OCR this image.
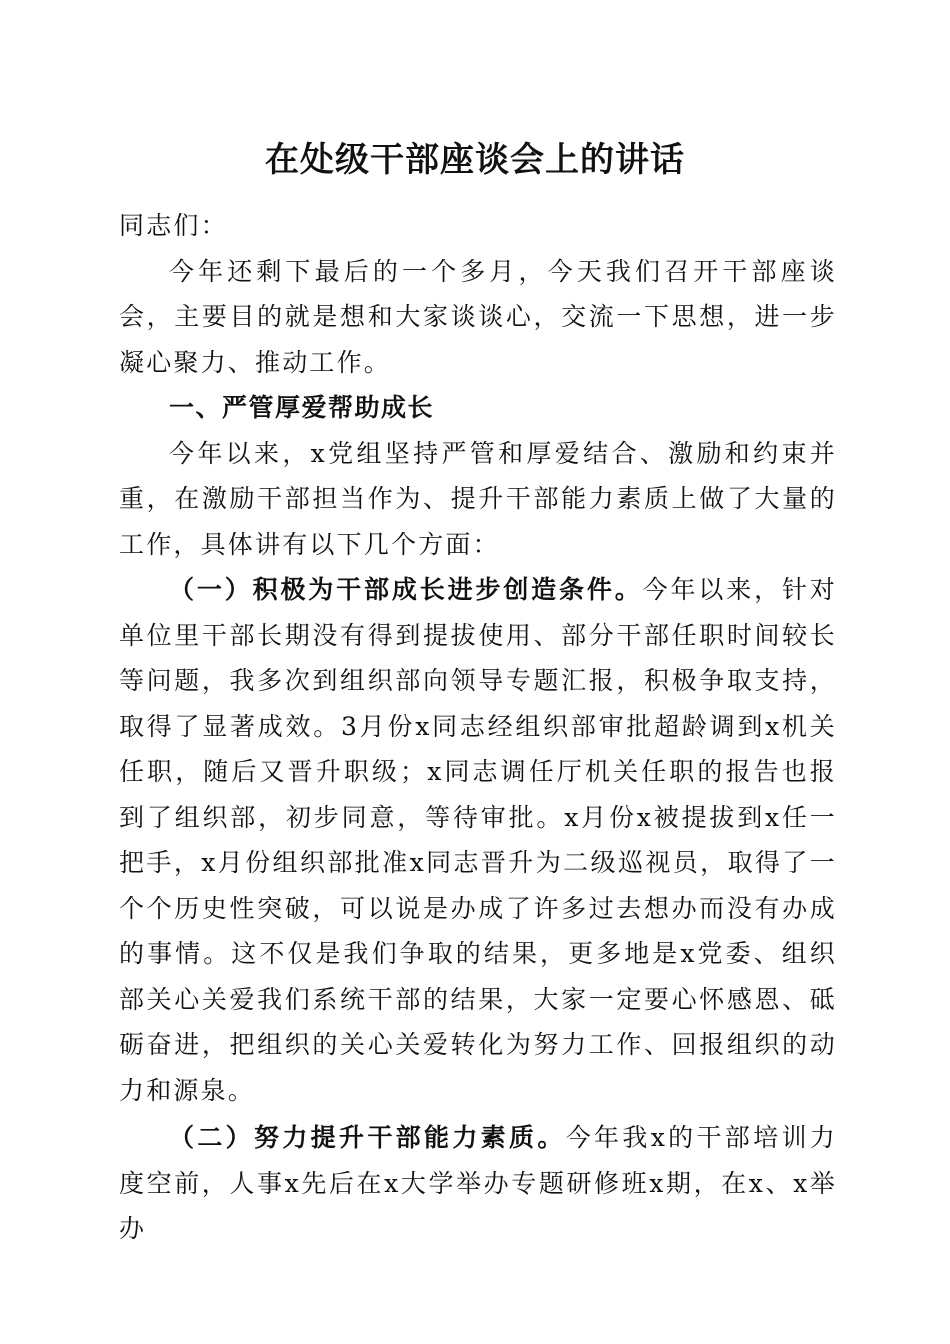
在处级干部座谈会上的讲话

同志们：

今年还剩下最后的一个多月，今天我们召开干部座谈会，主要目的就是想和大家谈谈心，交流一下思想，进一步凝心聚力、推动工作。

一、严管厚爱帮助成长

今年以来，x党组坚持严管和厚爱结合、激励和约束并重，在激励干部担当作为、提升干部能力素质上做了大量的工作，具体讲有以下几个方面：

（一）积极为干部成长进步创造条件。今年以来，针对单位里干部长期没有得到提拔使用、部分干部任职时间较长等问题，我多次到组织部向领导专题汇报，积极争取支持，取得了显著成效。3月份x同志经组织部审批超龄调到x机关任职，随后又晋升职级；x同志调任厅机关任职的报告也报到了组织部，初步同意，等待审批。x月份x被提拔到x任一把手，x月份组织部批准x同志晋升为二级巡视员，取得了一个个历史性突破，可以说是办成了许多过去想办而没有办成的事情。这不仅是我们争取的结果，更多地是x党委、组织部关心关爱我们系统干部的结果，大家一定要心怀感恩、砥砺奋进，把组织的关心关爱转化为努力工作、回报组织的动力和源泉。

（二）努力提升干部能力素质。今年我x的干部培训力度空前，人事x先后在x大学举办专题研修班x期，在x、x举办
